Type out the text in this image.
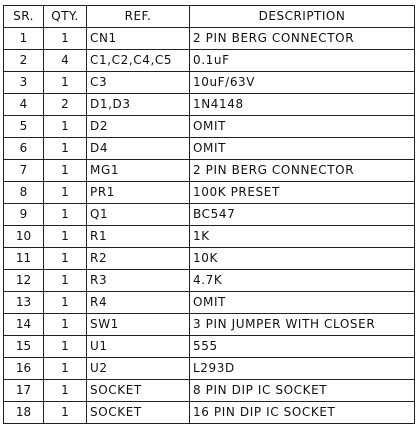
SR.	QTY.	REF.	DESCRIPTION
1	1	CN1	2 PIN BERG CONNECTOR
2	4	C1,C2,C4,C5	0.1uF
3	1	C3	10uF/63V
4	2	D1,D3	1N4148
5	1	D2	OMIT
6	1	D4	OMIT
7	1	MG1	2 PIN BERG CONNECTOR
8	1	PR1	100K PRESET
9	1	Q1	BC547
10	1	R1	1K
11	1	R2	10K
12	1	R3	4.7K
13	1	R4	OMIT
14	1	SW1	3 PIN JUMPER WITH CLOSER
15	1	U1	555
16	1	U2	L293D
17	1	SOCKET	8 PIN DIP IC SOCKET
18	1	SOCKET	16 PIN DIP IC SOCKET
